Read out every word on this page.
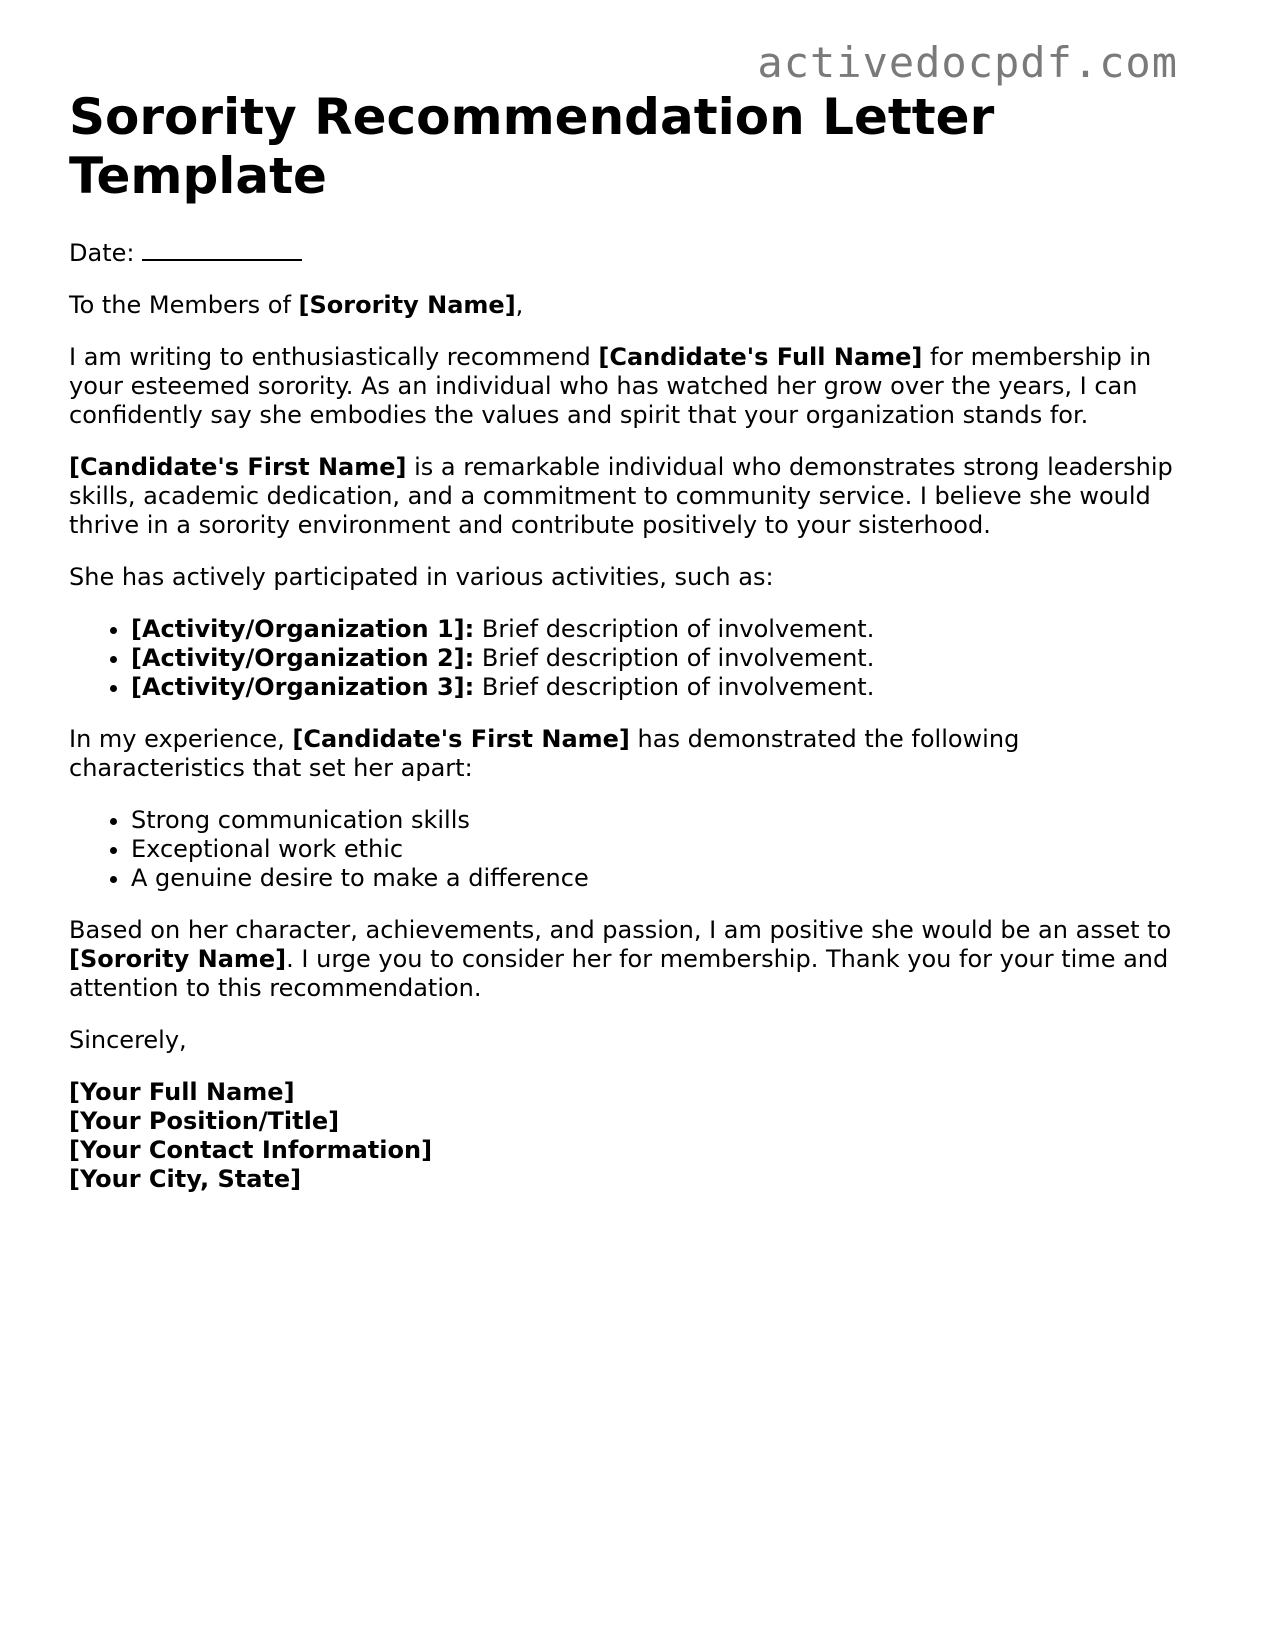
activedocpdf.com
Sorority Recommendation Letter Template

Date:

To the Members of [Sorority Name],

I am writing to enthusiastically recommend [Candidate's Full Name] for membership in your esteemed sorority. As an individual who has watched her grow over the years, I can confidently say she embodies the values and spirit that your organization stands for.

[Candidate's First Name] is a remarkable individual who demonstrates strong leadership skills, academic dedication, and a commitment to community service. I believe she would thrive in a sorority environment and contribute positively to your sisterhood.

She has actively participated in various activities, such as:

• [Activity/Organization 1]: Brief description of involvement.
• [Activity/Organization 2]: Brief description of involvement.
• [Activity/Organization 3]: Brief description of involvement.

In my experience, [Candidate's First Name] has demonstrated the following characteristics that set her apart:

• Strong communication skills
• Exceptional work ethic
• A genuine desire to make a difference

Based on her character, achievements, and passion, I am positive she would be an asset to [Sorority Name]. I urge you to consider her for membership. Thank you for your time and attention to this recommendation.

Sincerely,

[Your Full Name]
[Your Position/Title]
[Your Contact Information]
[Your City, State]
